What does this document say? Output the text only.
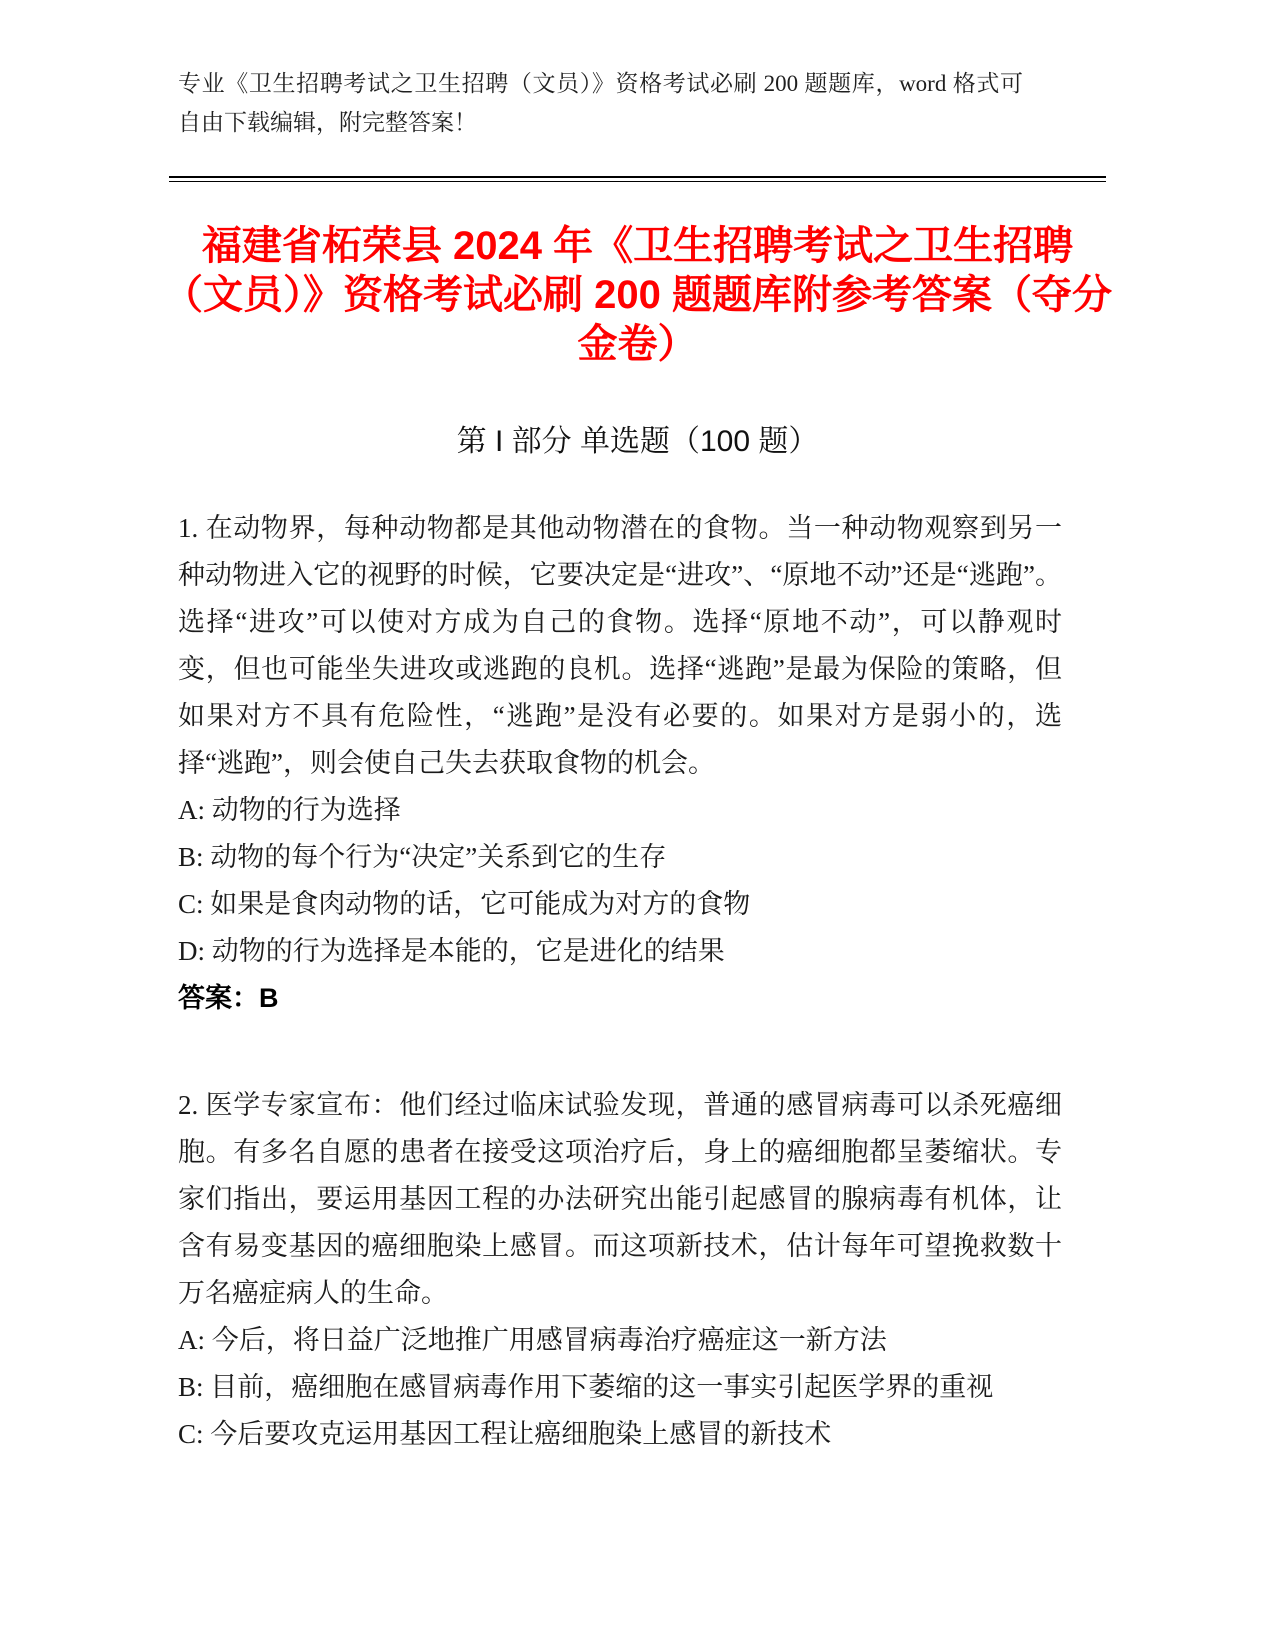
专业《卫生招聘考试之卫生招聘（文员）》资格考试必刷 200 题题库，word 格式可自由下载编辑，附完整答案！
福建省柘荣县 2024 年《卫生招聘考试之卫生招聘（文员）》资格考试必刷 200 题题库附参考答案（夺分金卷）
第 I 部分 单选题（100 题）
1. 在动物界，每种动物都是其他动物潜在的食物。当一种动物观察到另一种动物进入它的视野的时候，它要决定是“进攻”、“原地不动”还是“逃跑”。选择“进攻”可以使对方成为自己的食物。选择“原地不动”，可以静观时变，但也可能坐失进攻或逃跑的良机。选择“逃跑”是最为保险的策略，但如果对方不具有危险性，“逃跑”是没有必要的。如果对方是弱小的，选择“逃跑”，则会使自己失去获取食物的机会。
A: 动物的行为选择
B: 动物的每个行为“决定”关系到它的生存
C: 如果是食肉动物的话，它可能成为对方的食物
D: 动物的行为选择是本能的，它是进化的结果
答案：B
2. 医学专家宣布：他们经过临床试验发现，普通的感冒病毒可以杀死癌细胞。有多名自愿的患者在接受这项治疗后，身上的癌细胞都呈萎缩状。专家们指出，要运用基因工程的办法研究出能引起感冒的腺病毒有机体，让含有易变基因的癌细胞染上感冒。而这项新技术，估计每年可望挽救数十万名癌症病人的生命。
A: 今后，将日益广泛地推广用感冒病毒治疗癌症这一新方法
B: 目前，癌细胞在感冒病毒作用下萎缩的这一事实引起医学界的重视
C: 今后要攻克运用基因工程让癌细胞染上感冒的新技术
